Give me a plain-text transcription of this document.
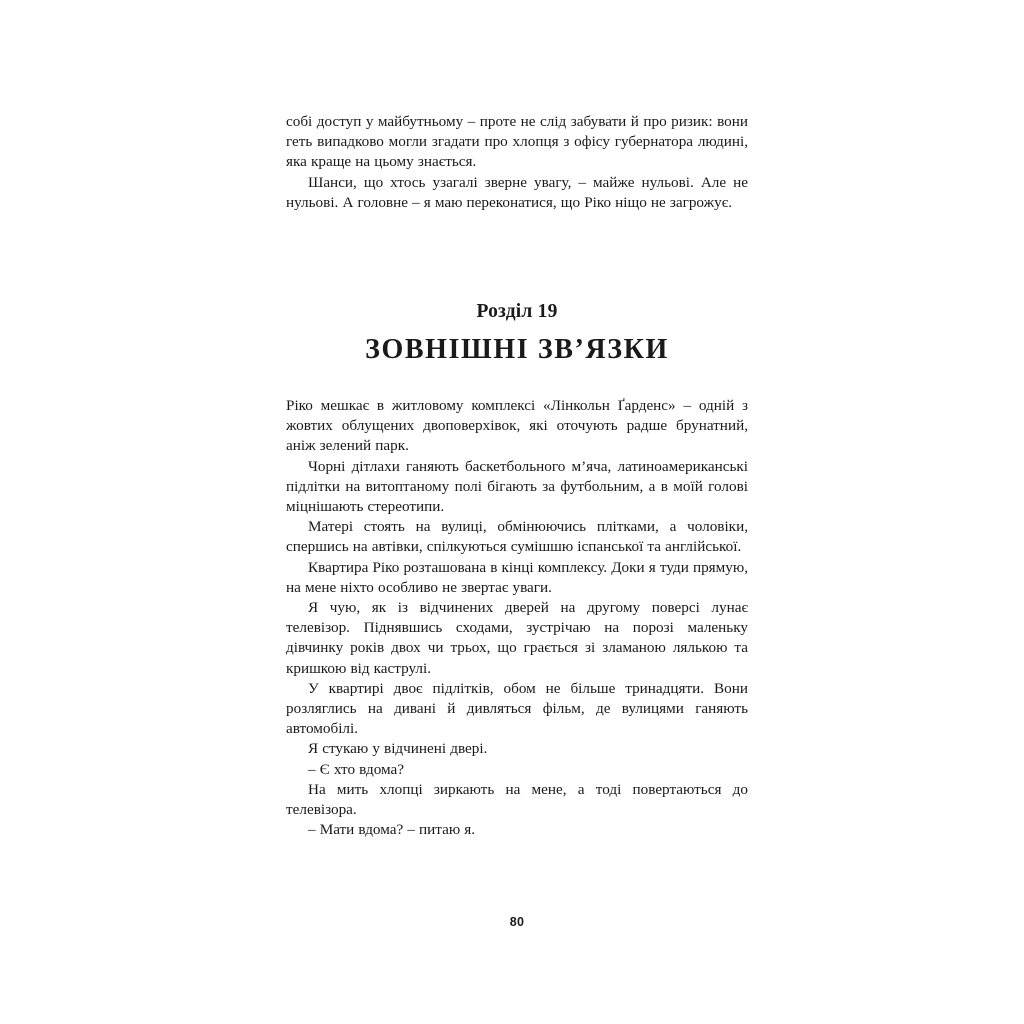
собі доступ у майбутньому – проте не слід забувати й про ризик: вони геть випадково могли згадати про хлопця з офісу губернатора людині, яка краще на цьому знається.

Шанси, що хтось узагалі зверне увагу, – майже нульові. Але не нульові. А головне – я маю переконатися, що Ріко ніщо не загрожує.

Розділ 19

ЗОВНІШНІ ЗВ’ЯЗКИ

Ріко мешкає в житловому комплексі «Лінкольн Ґарденс» – одній з жовтих облущених двоповерхівок, які оточують радше брунатний, аніж зелений парк.

Чорні дітлахи ганяють баскетбольного м’яча, латиноамериканські підлітки на витоптаному полі бігають за футбольним, а в моїй голові міцнішають стереотипи.

Матері стоять на вулиці, обмінюючись плітками, а чоловіки, спершись на автівки, спілкуються сумішшю іспанської та англійської.

Квартира Ріко розташована в кінці комплексу. Доки я туди прямую, на мене ніхто особливо не звертає уваги.

Я чую, як із відчинених дверей на другому поверсі лунає телевізор. Піднявшись сходами, зустрічаю на порозі маленьку дівчинку років двох чи трьох, що грається зі зламаною лялькою та кришкою від каструлі.

У квартирі двоє підлітків, обом не більше тринадцяти. Вони розляглись на дивані й дивляться фільм, де вулицями ганяють автомобілі.

Я стукаю у відчинені двері.

– Є хто вдома?

На мить хлопці зиркають на мене, а тоді повертаються до телевізора.

– Мати вдома? – питаю я.

80
